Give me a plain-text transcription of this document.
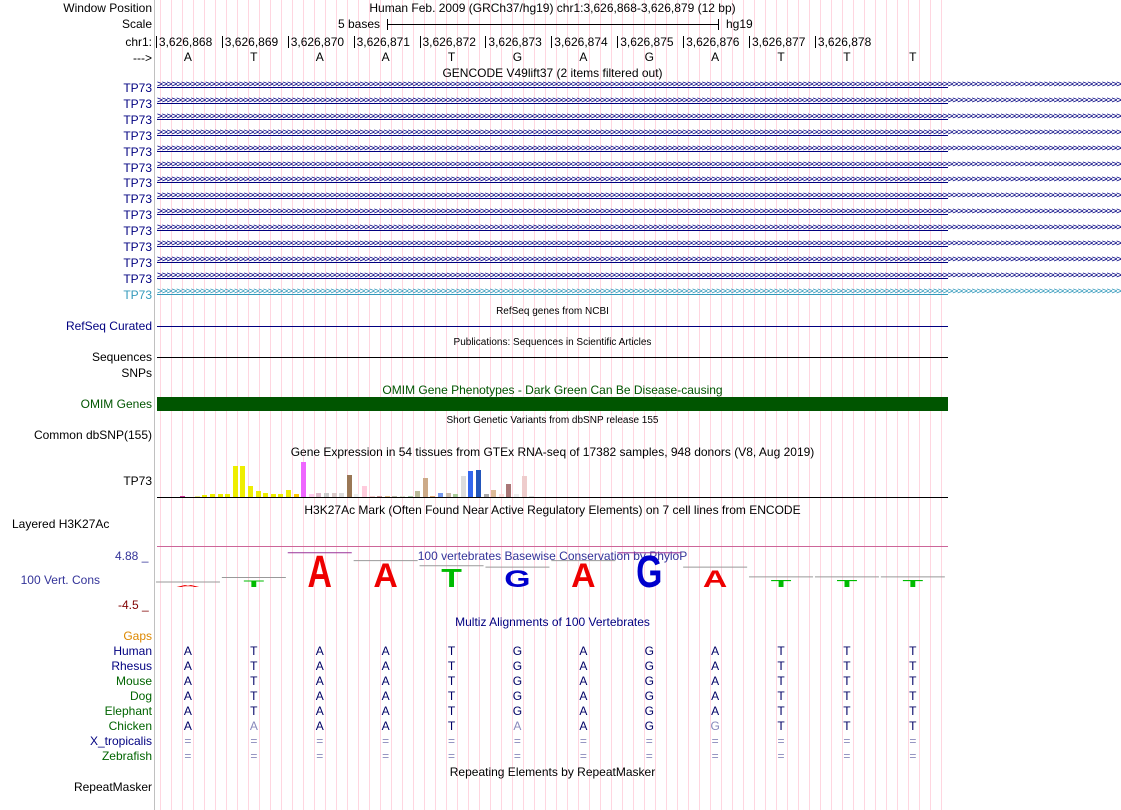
Window Position
Scale
chr1:
--->
Human Feb. 2009 (GRCh37/hg19) chr1:3,626,868-3,626,879 (12 bp)
5 bases	hg19
3,626,868 3,626,869 3,626,870 3,626,871 3,626,872 3,626,873 3,626,874 3,626,875 3,626,876 3,626,877 3,626,878
A	T	A	A	T	G	A	G	A	T	T	T
GENCODE V49lift37 (2 items filtered out)
TP73 >>>>>>>>>>>>>>>>>>>>>>>>>>>>>>>>>>>>>>>>>>>>>>>>>>>>>>>>>>>>>>>>>>>>>>>>>>>>>>>>>>>>>>>>>>>>>>>>>>>>>>>>>>>>>>>>>>>>>>>>>>>>>>>>>>>>>>>>>>>>>>>>>>>>>>>>>>>>>>>>>>>>>>>>>>>>>>>>>>>>>>>>>>>>>>>>>>>>>>>>
TP73 >>>>>>>>>>>>>>>>>>>>>>>>>>>>>>>>>>>>>>>>>>>>>>>>>>>>>>>>>>>>>>>>>>>>>>>>>>>>>>>>>>>>>>>>>>>>>>>>>>>>>>>>>>>>>>>>>>>>>>>>>>>>>>>>>>>>>>>>>>>>>>>>>>>>>>>>>>>>>>>>>>>>>>>>>>>>>>>>>>>>>>>>>>>>>>>>>>>>>>>>
TP73 >>>>>>>>>>>>>>>>>>>>>>>>>>>>>>>>>>>>>>>>>>>>>>>>>>>>>>>>>>>>>>>>>>>>>>>>>>>>>>>>>>>>>>>>>>>>>>>>>>>>>>>>>>>>>>>>>>>>>>>>>>>>>>>>>>>>>>>>>>>>>>>>>>>>>>>>>>>>>>>>>>>>>>>>>>>>>>>>>>>>>>>>>>>>>>>>>>>>>>>>
TP73 >>>>>>>>>>>>>>>>>>>>>>>>>>>>>>>>>>>>>>>>>>>>>>>>>>>>>>>>>>>>>>>>>>>>>>>>>>>>>>>>>>>>>>>>>>>>>>>>>>>>>>>>>>>>>>>>>>>>>>>>>>>>>>>>>>>>>>>>>>>>>>>>>>>>>>>>>>>>>>>>>>>>>>>>>>>>>>>>>>>>>>>>>>>>>>>>>>>>>>>>
TP73 >>>>>>>>>>>>>>>>>>>>>>>>>>>>>>>>>>>>>>>>>>>>>>>>>>>>>>>>>>>>>>>>>>>>>>>>>>>>>>>>>>>>>>>>>>>>>>>>>>>>>>>>>>>>>>>>>>>>>>>>>>>>>>>>>>>>>>>>>>>>>>>>>>>>>>>>>>>>>>>>>>>>>>>>>>>>>>>>>>>>>>>>>>>>>>>>>>>>>>>>
TP73 >>>>>>>>>>>>>>>>>>>>>>>>>>>>>>>>>>>>>>>>>>>>>>>>>>>>>>>>>>>>>>>>>>>>>>>>>>>>>>>>>>>>>>>>>>>>>>>>>>>>>>>>>>>>>>>>>>>>>>>>>>>>>>>>>>>>>>>>>>>>>>>>>>>>>>>>>>>>>>>>>>>>>>>>>>>>>>>>>>>>>>>>>>>>>>>>>>>>>>>>
TP73 >>>>>>>>>>>>>>>>>>>>>>>>>>>>>>>>>>>>>>>>>>>>>>>>>>>>>>>>>>>>>>>>>>>>>>>>>>>>>>>>>>>>>>>>>>>>>>>>>>>>>>>>>>>>>>>>>>>>>>>>>>>>>>>>>>>>>>>>>>>>>>>>>>>>>>>>>>>>>>>>>>>>>>>>>>>>>>>>>>>>>>>>>>>>>>>>>>>>>>>>
TP73 >>>>>>>>>>>>>>>>>>>>>>>>>>>>>>>>>>>>>>>>>>>>>>>>>>>>>>>>>>>>>>>>>>>>>>>>>>>>>>>>>>>>>>>>>>>>>>>>>>>>>>>>>>>>>>>>>>>>>>>>>>>>>>>>>>>>>>>>>>>>>>>>>>>>>>>>>>>>>>>>>>>>>>>>>>>>>>>>>>>>>>>>>>>>>>>>>>>>>>>>
TP73 >>>>>>>>>>>>>>>>>>>>>>>>>>>>>>>>>>>>>>>>>>>>>>>>>>>>>>>>>>>>>>>>>>>>>>>>>>>>>>>>>>>>>>>>>>>>>>>>>>>>>>>>>>>>>>>>>>>>>>>>>>>>>>>>>>>>>>>>>>>>>>>>>>>>>>>>>>>>>>>>>>>>>>>>>>>>>>>>>>>>>>>>>>>>>>>>>>>>>>>>
TP73 >>>>>>>>>>>>>>>>>>>>>>>>>>>>>>>>>>>>>>>>>>>>>>>>>>>>>>>>>>>>>>>>>>>>>>>>>>>>>>>>>>>>>>>>>>>>>>>>>>>>>>>>>>>>>>>>>>>>>>>>>>>>>>>>>>>>>>>>>>>>>>>>>>>>>>>>>>>>>>>>>>>>>>>>>>>>>>>>>>>>>>>>>>>>>>>>>>>>>>>>
TP73 >>>>>>>>>>>>>>>>>>>>>>>>>>>>>>>>>>>>>>>>>>>>>>>>>>>>>>>>>>>>>>>>>>>>>>>>>>>>>>>>>>>>>>>>>>>>>>>>>>>>>>>>>>>>>>>>>>>>>>>>>>>>>>>>>>>>>>>>>>>>>>>>>>>>>>>>>>>>>>>>>>>>>>>>>>>>>>>>>>>>>>>>>>>>>>>>>>>>>>>>
TP73 >>>>>>>>>>>>>>>>>>>>>>>>>>>>>>>>>>>>>>>>>>>>>>>>>>>>>>>>>>>>>>>>>>>>>>>>>>>>>>>>>>>>>>>>>>>>>>>>>>>>>>>>>>>>>>>>>>>>>>>>>>>>>>>>>>>>>>>>>>>>>>>>>>>>>>>>>>>>>>>>>>>>>>>>>>>>>>>>>>>>>>>>>>>>>>>>>>>>>>>>
TP73 >>>>>>>>>>>>>>>>>>>>>>>>>>>>>>>>>>>>>>>>>>>>>>>>>>>>>>>>>>>>>>>>>>>>>>>>>>>>>>>>>>>>>>>>>>>>>>>>>>>>>>>>>>>>>>>>>>>>>>>>>>>>>>>>>>>>>>>>>>>>>>>>>>>>>>>>>>>>>>>>>>>>>>>>>>>>>>>>>>>>>>>>>>>>>>>>>>>>>>>>
TP73 >>>>>>>>>>>>>>>>>>>>>>>>>>>>>>>>>>>>>>>>>>>>>>>>>>>>>>>>>>>>>>>>>>>>>>>>>>>>>>>>>>>>>>>>>>>>>>>>>>>>>>>>>>>>>>>>>>>>>>>>>>>>>>>>>>>>>>>>>>>>>>>>>>>>>>>>>>>>>>>>>>>>>>>>>>>>>>>>>>>>>>>>>>>>>>>>>>>>>>>>
RefSeq genes from NCBI
RefSeq Curated
Publications: Sequences in Scientific Articles
Sequences
SNPs
OMIM Gene Phenotypes - Dark Green Can Be Disease-causing
OMIM Genes
Short Genetic Variants from dbSNP release 155
Common dbSNP(155)
Gene Expression in 54 tissues from GTEx RNA-seq of 17382 samples, 948 donors (V8, Aug 2019)
TP73
H3K27Ac Mark (Often Found Near Active Regulatory Elements) on 7 cell lines from ENCODE
Layered H3K27Ac
100 vertebrates Basewise Conservation by PhyloP
4.88 _
100 Vert. Cons
-4.5 _
A T A A T G A G A T T T
Multiz Alignments of 100 Vertebrates
Gaps
Human	A	T	A	A	T	G	A	G	A	T	T	T
Rhesus	A	T	A	A	T	G	A	G	A	T	T	T
Mouse	A	T	A	A	T	G	A	G	A	T	T	T
Dog	A	T	A	A	T	G	A	G	A	T	T	T
Elephant	A	T	A	A	T	G	A	G	A	T	T	T
Chicken	A	A	A	A	T	A	A	G	G	T	T	T
X_tropicalis	=	=	=	=	=	=	=	=	=	=	=	=
Zebrafish	=	=	=	=	=	=	=	=	=	=	=	=
Repeating Elements by RepeatMasker
RepeatMasker
